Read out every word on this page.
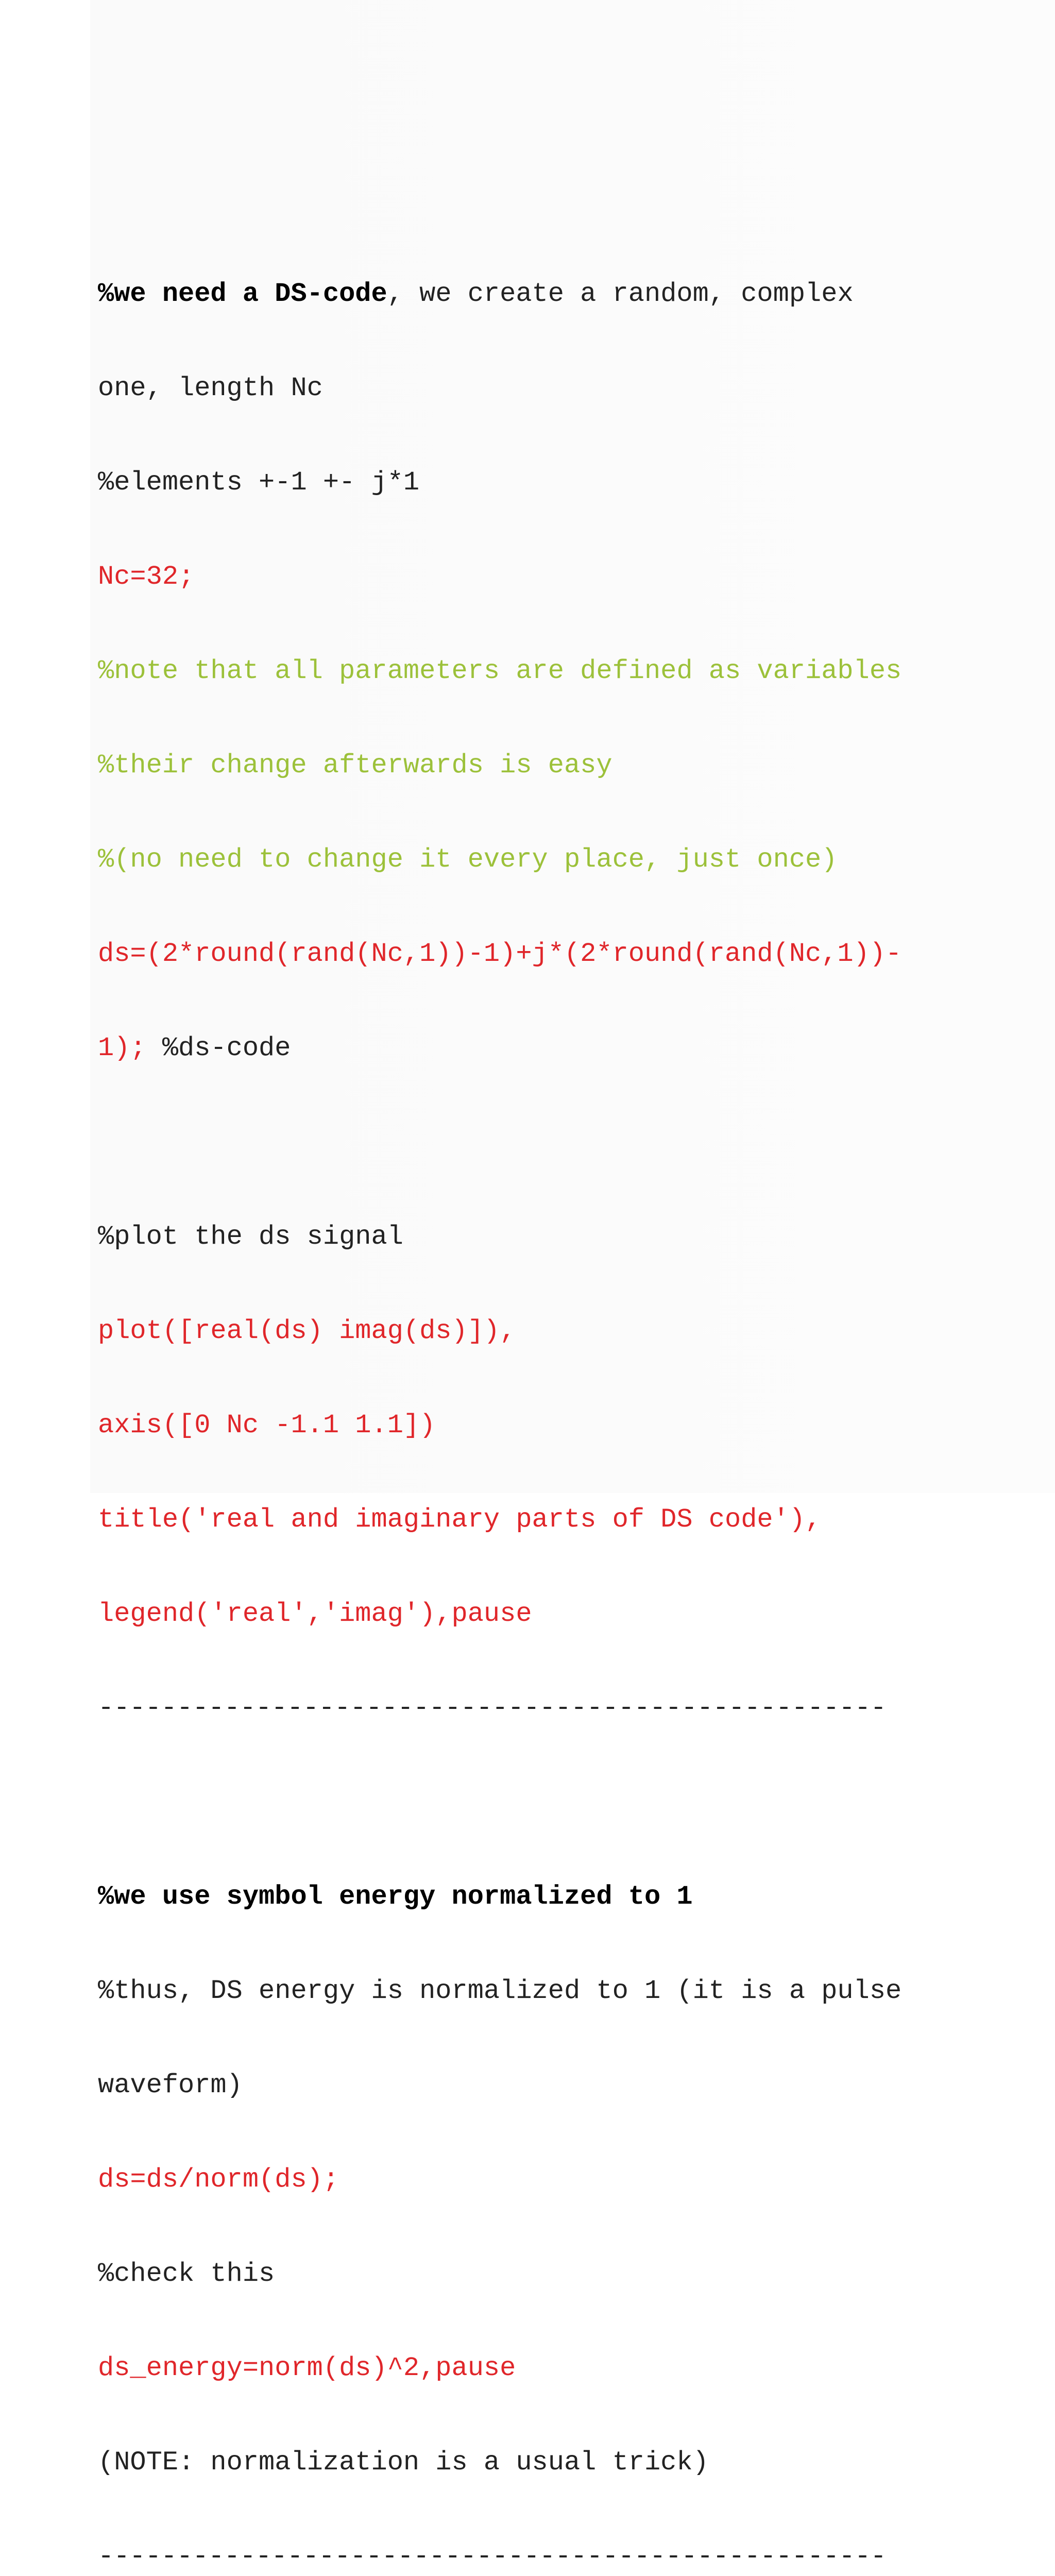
%we need a DS-code, we create a random, complex

one, length Nc

%elements +-1 +- j*1

Nc=32;

%note that all parameters are defined as variables

%their change afterwards is easy

%(no need to change it every place, just once)

ds=(2*round(rand(Nc,1))-1)+j*(2*round(rand(Nc,1))-

1); %ds-code

%plot the ds signal

plot([real(ds) imag(ds)]),

axis([0 Nc -1.1 1.1])

title('real and imaginary parts of DS code'),

legend('real','imag'),pause

--------------------------------------------------

%we use symbol energy normalized to 1

%thus, DS energy is normalized to 1 (it is a pulse

waveform)

ds=ds/norm(ds);

%check this

ds_energy=norm(ds)^2,pause

(NOTE: normalization is a usual trick)

--------------------------------------------------
